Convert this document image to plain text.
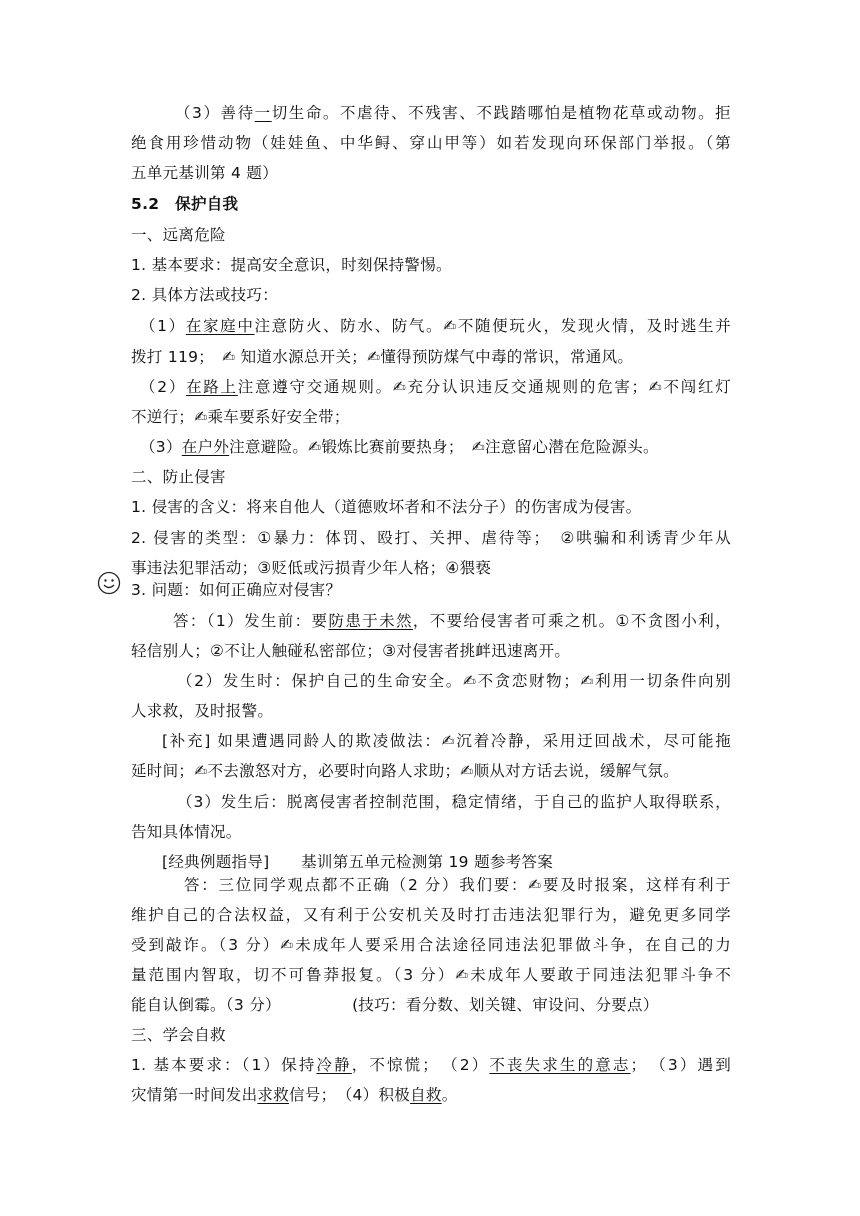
（3）善待一切生命。不虐待、不残害、不践踏哪怕是植物花草或动物。拒
绝食用珍惜动物（娃娃鱼、中华鲟、穿山甲等）如若发现向环保部门举报。（第
五单元基训第 4 题）
5.2　保护自我
一、远离危险
1. 基本要求：提高安全意识，时刻保持警惕。
2. 具体方法或技巧：
（1）在家庭中注意防火、防水、防气。✍不随便玩火，发现火情，及时逃生并
拨打 119；　✍ 知道水源总开关；✍懂得预防煤气中毒的常识，常通风。
（2）在路上注意遵守交通规则。✍充分认识违反交通规则的危害；✍不闯红灯
不逆行；✍乘车要系好安全带；
（3）在户外注意避险。✍锻炼比赛前要热身；　✍注意留心潜在危险源头。
二、防止侵害
1. 侵害的含义：将来自他人（道德败坏者和不法分子）的伤害成为侵害。
2. 侵害的类型：①暴力：体罚、殴打、关押、虐待等；　②哄骗和利诱青少年从
事违法犯罪活动；③贬低或污损青少年人格；④猥亵
3. 问题：如何正确应对侵害？
答：（1）发生前：要防患于未然，不要给侵害者可乘之机。①不贪图小利，
轻信别人；②不让人触碰私密部位；③对侵害者挑衅迅速离开。
（2）发生时：保护自己的生命安全。✍不贪恋财物；✍利用一切条件向别
人求救，及时报警。
[补充] 如果遭遇同龄人的欺凌做法：✍沉着冷静，采用迂回战术，尽可能拖
延时间；✍不去激怒对方，必要时向路人求助；✍顺从对方话去说，缓解气氛。
（3）发生后：脱离侵害者控制范围，稳定情绪，于自己的监护人取得联系，
告知具体情况。
[经典例题指导]　　基训第五单元检测第 19 题参考答案
答：三位同学观点都不正确（2 分）我们要：✍要及时报案，这样有利于
维护自己的合法权益，又有利于公安机关及时打击违法犯罪行为，避免更多同学
受到敲诈。（3 分）✍未成年人要采用合法途径同违法犯罪做斗争，在自己的力
量范围内智取，切不可鲁莽报复。（3 分）✍未成年人要敢于同违法犯罪斗争不
能自认倒霉。（3 分）　　　　　(技巧：看分数、划关键、审设问、分要点）
三、学会自救
1. 基本要求：（1）保持冷静，不惊慌；　（2）不丧失求生的意志；　（3）遇到
灾情第一时间发出求救信号；　（4）积极自救。
